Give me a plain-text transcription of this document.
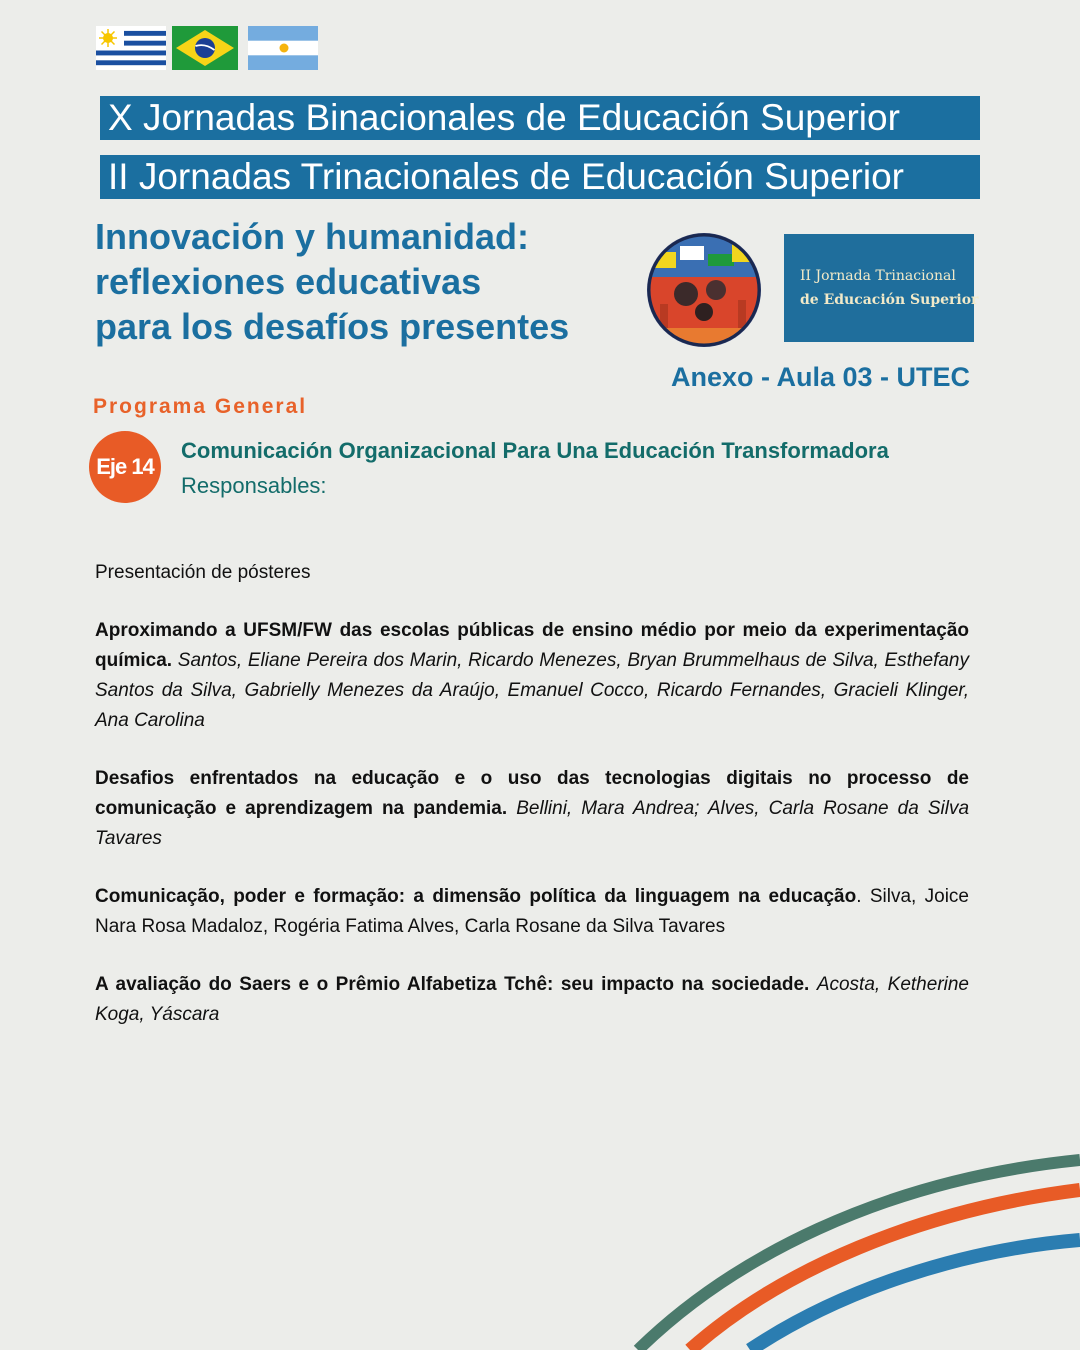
X Jornadas Binacionales de Educación Superior
II Jornadas Trinacionales de Educación Superior
Innovación y humanidad:
reflexiones educativas
para los desafíos presentes
II Jornada Trinacional
de Educación Superior
Anexo - Aula 03 - UTEC
Programa General
Eje 14
Comunicación Organizacional Para Una Educación Transformadora
Responsables:
Presentación de pósteres
Aproximando a UFSM/FW das escolas públicas de ensino médio por meio da experimentação química. Santos, Eliane Pereira dos Marin, Ricardo Menezes, Bryan Brummelhaus de Silva, Esthefany Santos da Silva, Gabrielly Menezes da Araújo, Emanuel Cocco, Ricardo Fernandes, Gracieli Klinger, Ana Carolina
Desafios enfrentados na educação e o uso das tecnologias digitais no processo de comunicação e aprendizagem na pandemia. Bellini, Mara Andrea; Alves, Carla Rosane da Silva Tavares
Comunicação, poder e formação: a dimensão política da linguagem na educação. Silva, Joice Nara Rosa Madaloz, Rogéria Fatima Alves, Carla Rosane da Silva Tavares
A avaliação do Saers e o Prêmio Alfabetiza Tchê: seu impacto na sociedade. Acosta, Ketherine Koga, Yáscara
